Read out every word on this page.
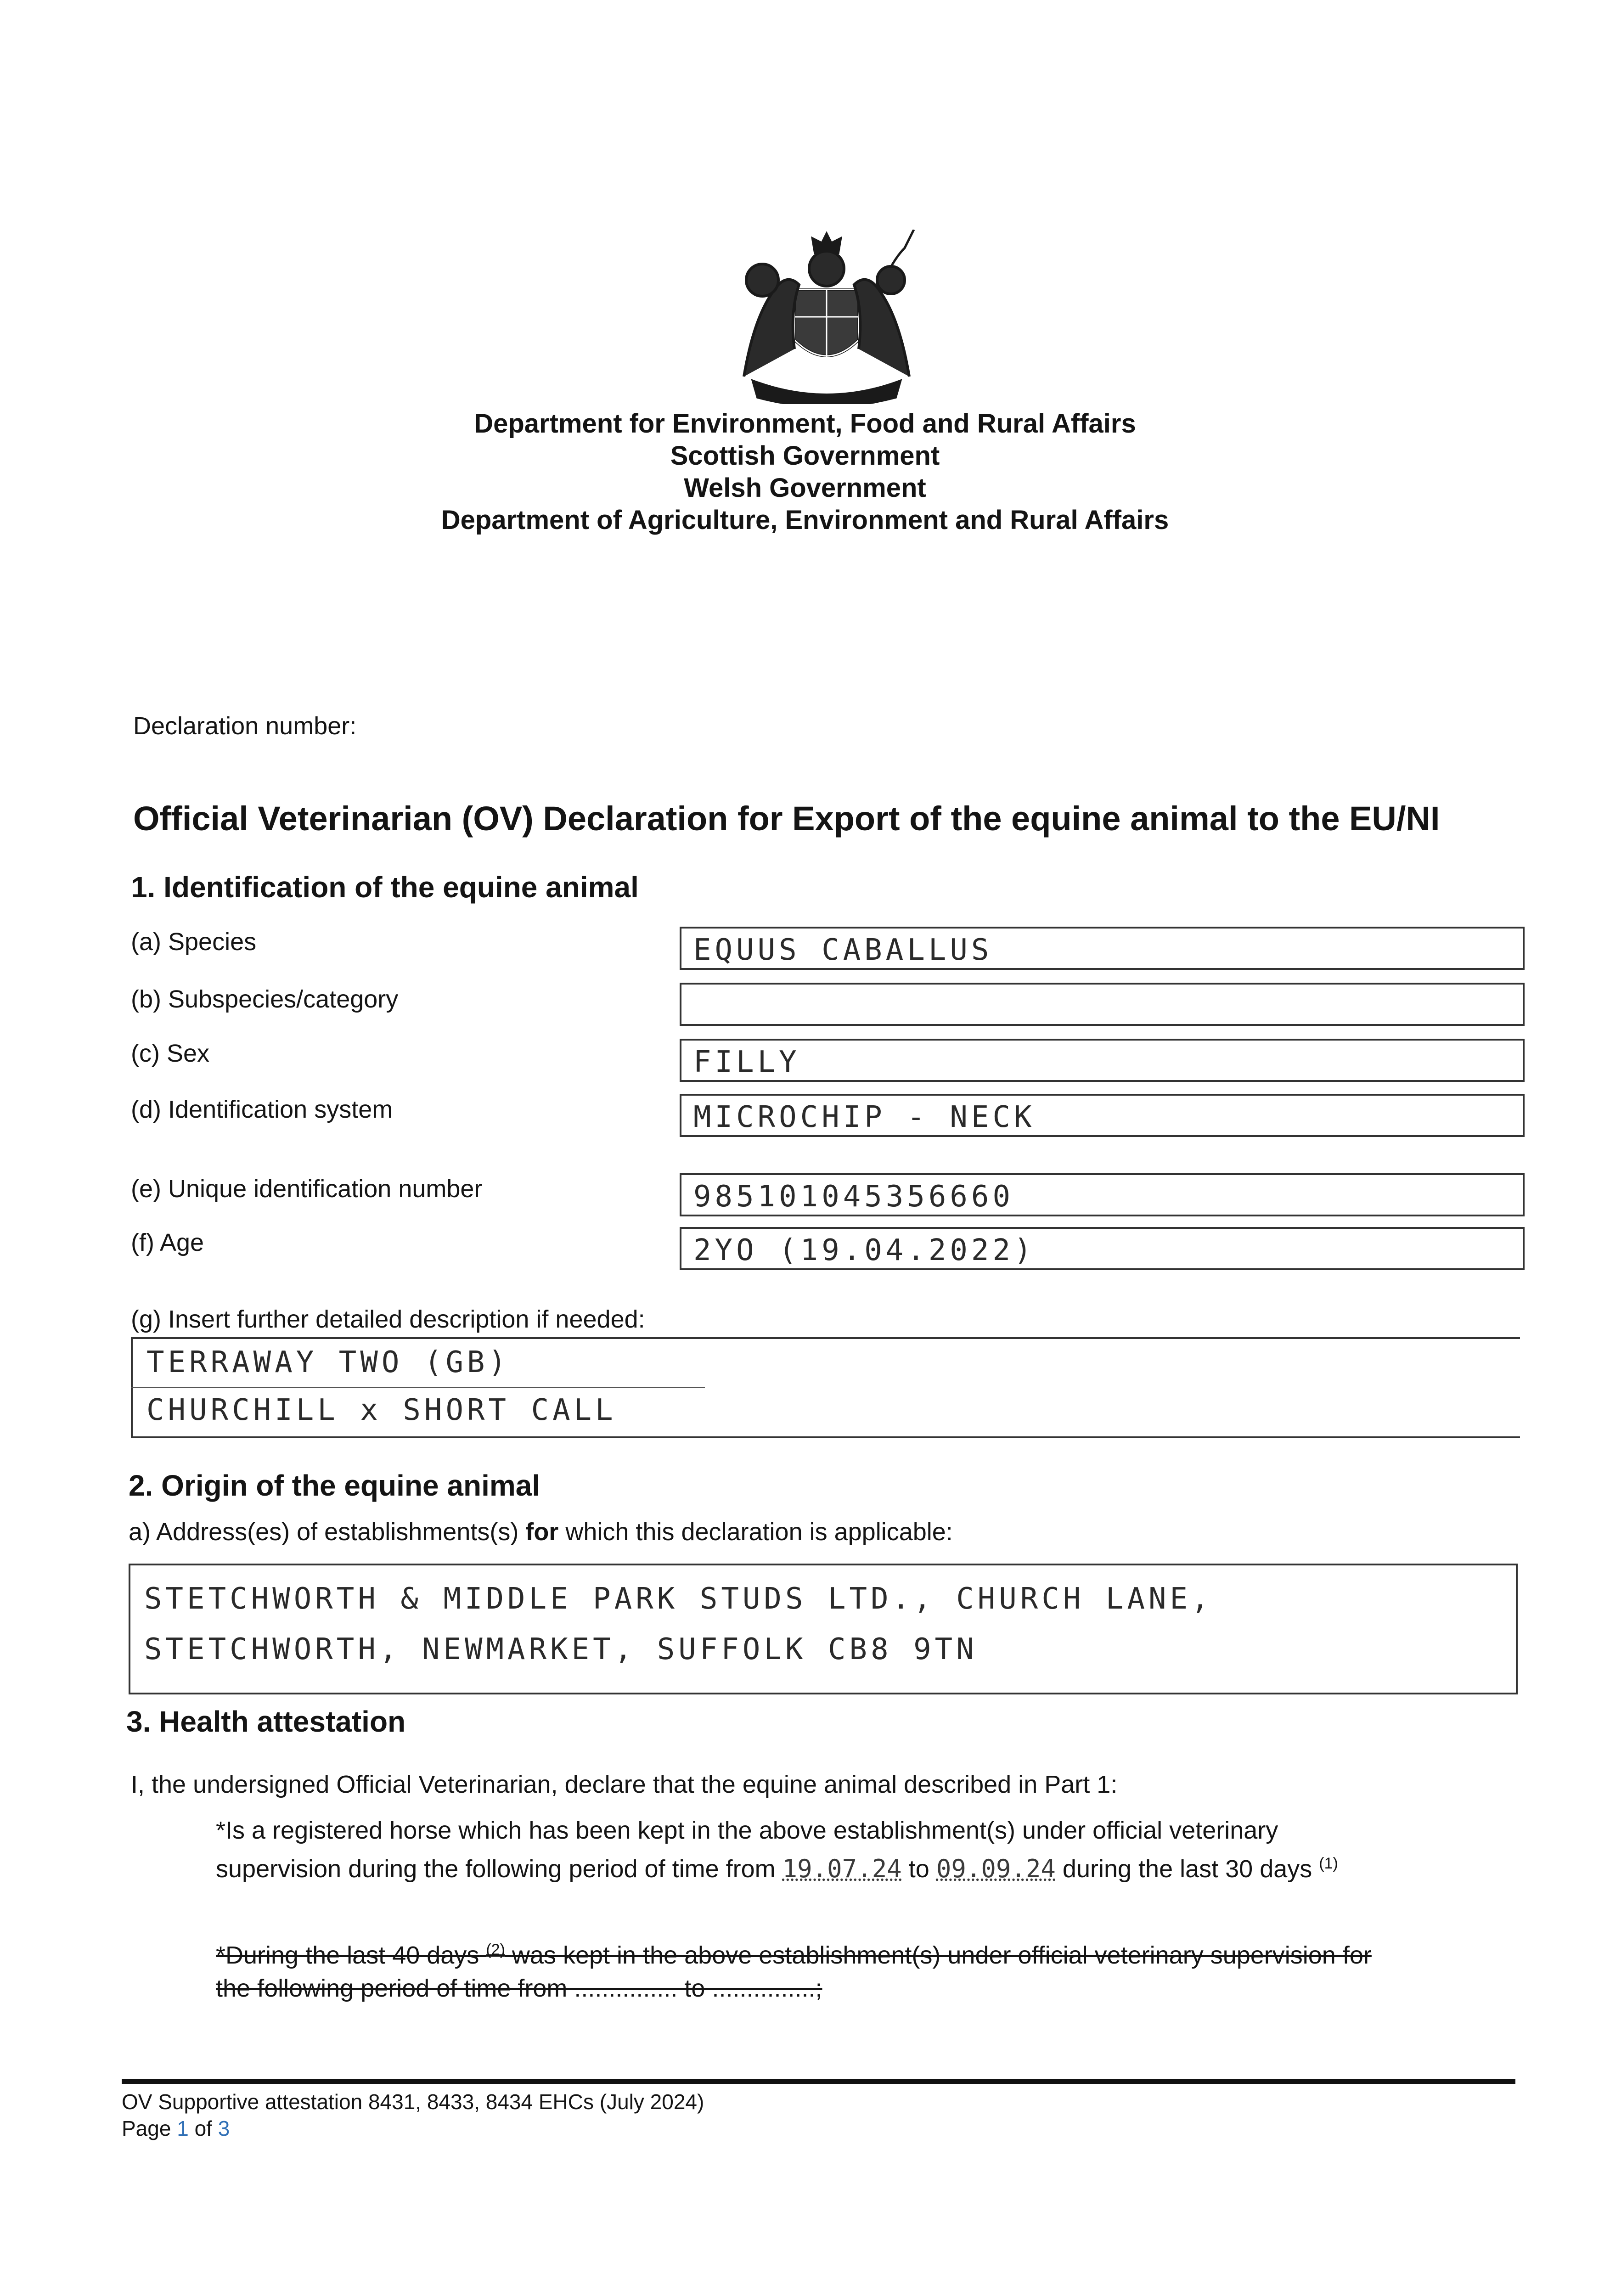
Department for Environment, Food and Rural Affairs
Scottish Government
Welsh Government
Department of Agriculture, Environment and Rural Affairs
Declaration number:
Official Veterinarian (OV) Declaration for Export of the equine animal to the EU/NI
1. Identification of the equine animal
(a) Species	EQUUS CABALLUS
(b) Subspecies/category
(c) Sex	FILLY
(d) Identification system	MICROCHIP - NECK
(e) Unique identification number	985101045356660
(f) Age	2YO (19.04.2022)
(g) Insert further detailed description if needed:
TERRAWAY TWO (GB)
CHURCHILL x SHORT CALL
2. Origin of the equine animal
a) Address(es) of establishments(s) for which this declaration is applicable:
STETCHWORTH & MIDDLE PARK STUDS LTD., CHURCH LANE,
STETCHWORTH, NEWMARKET, SUFFOLK CB8 9TN
3. Health attestation
I, the undersigned Official Veterinarian, declare that the equine animal described in Part 1:
*Is a registered horse which has been kept in the above establishment(s) under official veterinary
supervision during the following period of time from 19.07.24 to 09.09.24 during the last 30 days $^{(1)}$
*During the last 40 days $^{(2)}$ was kept in the above establishment(s) under official veterinary supervision for
the following period of time from ............... to ...............;
OV Supportive attestation 8431, 8433, 8434 EHCs (July 2024)
Page 1 of 3
